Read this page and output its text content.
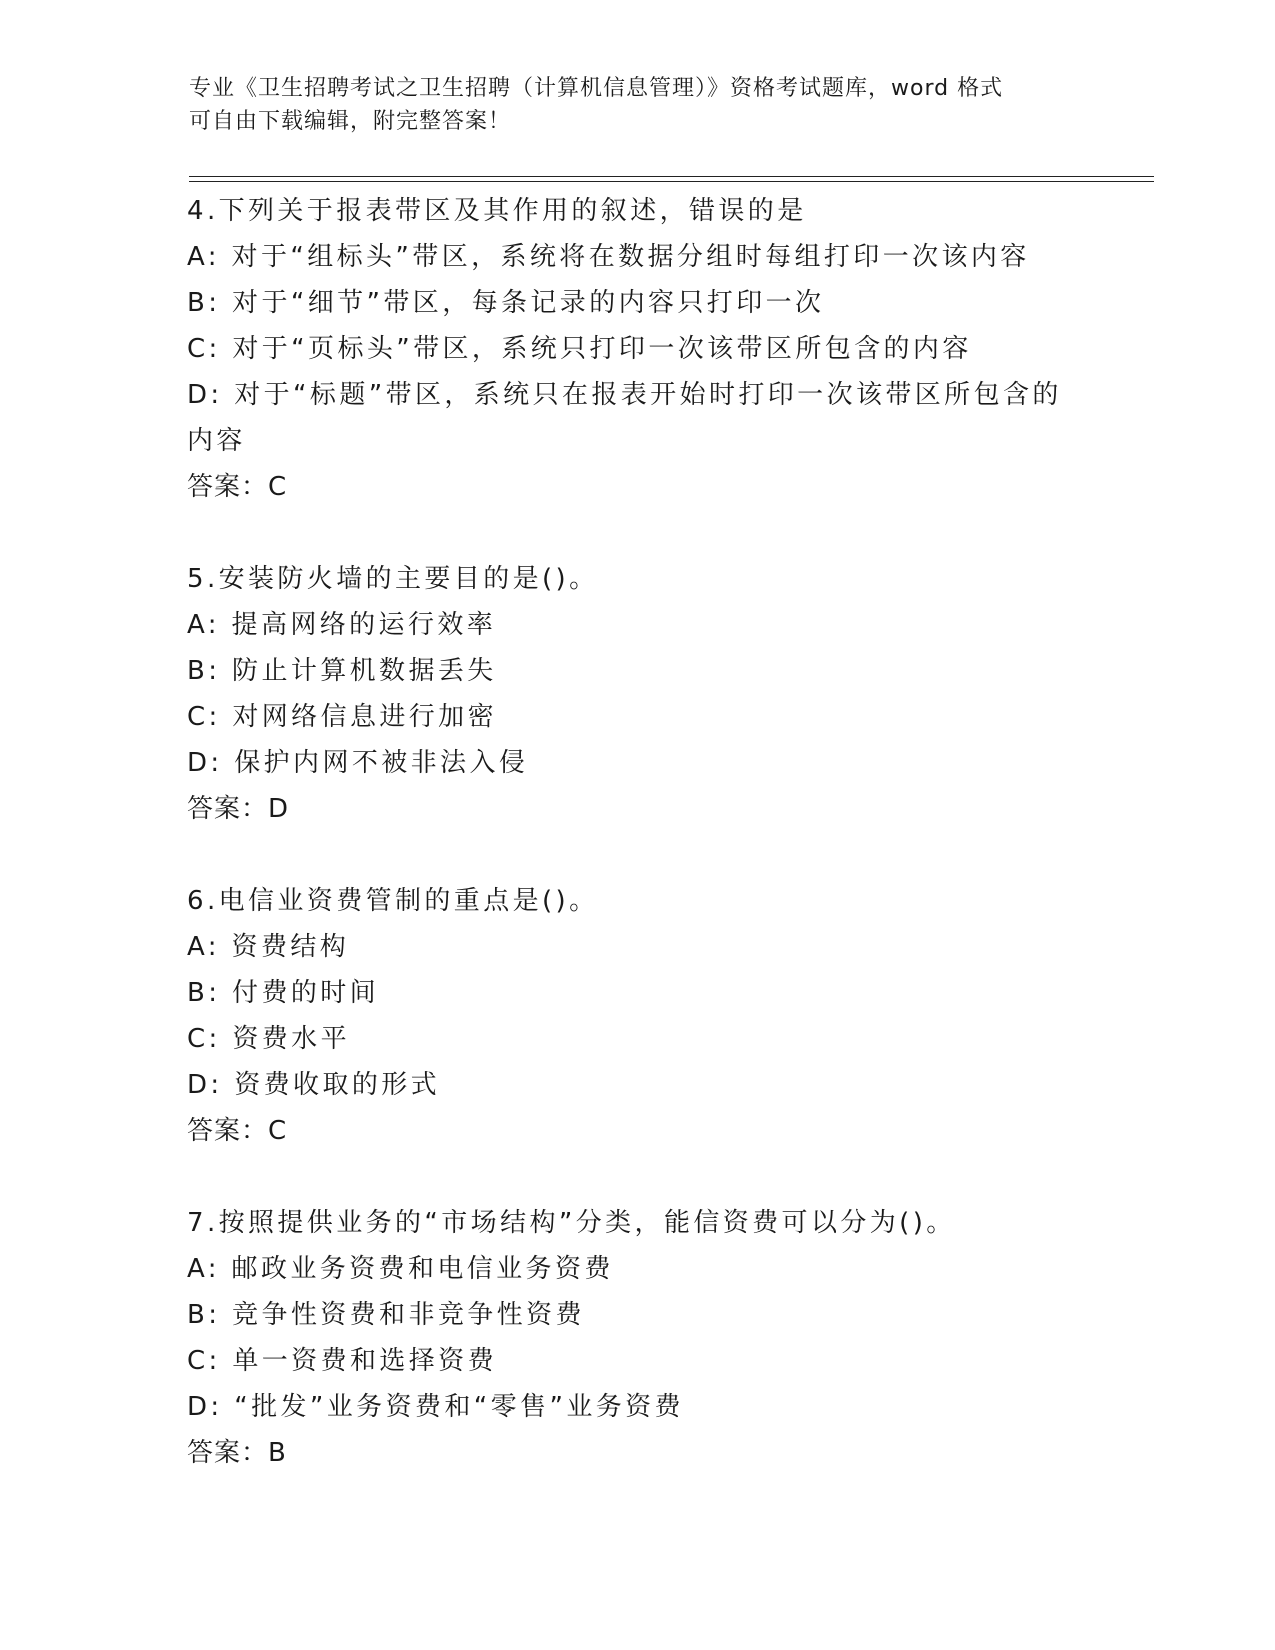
专业《卫生招聘考试之卫生招聘（计算机信息管理）》资格考试题库，word 格式
可自由下载编辑，附完整答案！
4.下列关于报表带区及其作用的叙述，错误的是
A: 对于“组标头”带区，系统将在数据分组时每组打印一次该内容
B: 对于“细节”带区，每条记录的内容只打印一次
C: 对于“页标头”带区，系统只打印一次该带区所包含的内容
D: 对于“标题”带区，系统只在报表开始时打印一次该带区所包含的
内容
答案：C
5.安装防火墙的主要目的是()。
A: 提高网络的运行效率
B: 防止计算机数据丢失
C: 对网络信息进行加密
D: 保护内网不被非法入侵
答案：D
6.电信业资费管制的重点是()。
A: 资费结构
B: 付费的时间
C: 资费水平
D: 资费收取的形式
答案：C
7.按照提供业务的“市场结构”分类，能信资费可以分为()。
A: 邮政业务资费和电信业务资费
B: 竞争性资费和非竞争性资费
C: 单一资费和选择资费
D: “批发”业务资费和“零售”业务资费
答案：B
